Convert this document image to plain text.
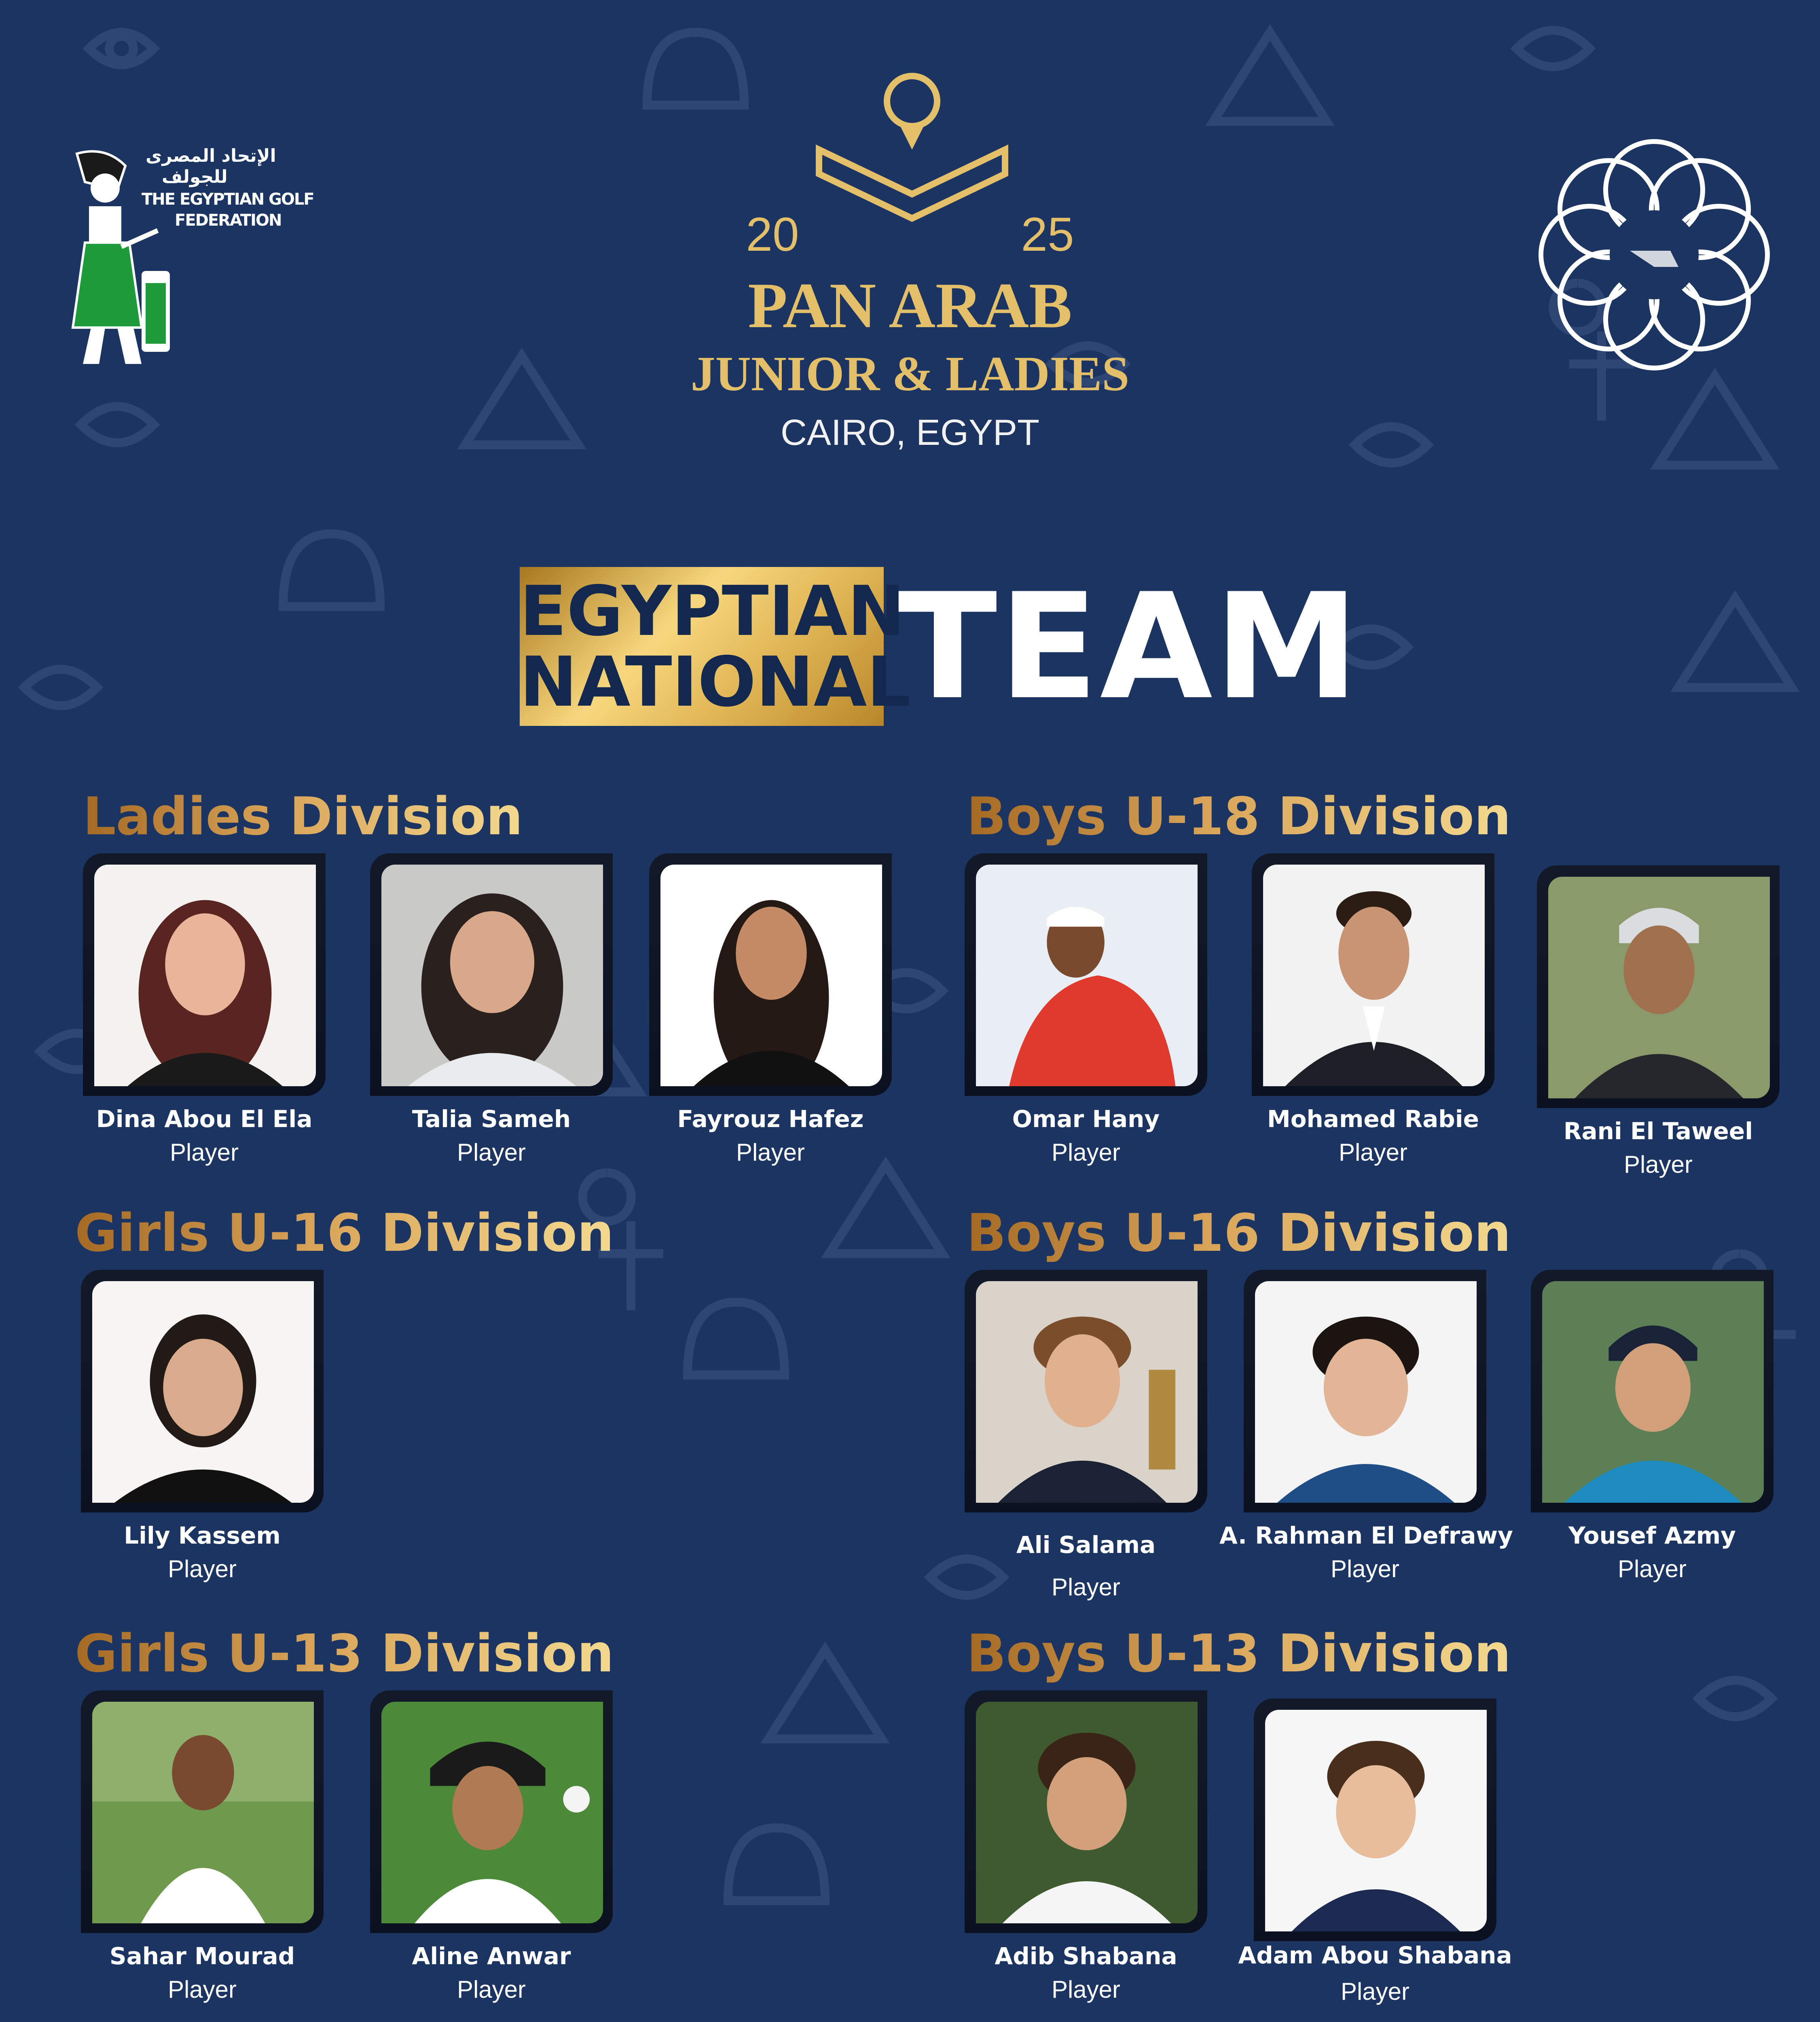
الإتحاد المصرى
للجولف
THE EGYPTIAN GOLF
FEDERATION	20	25
PAN ARAB
JUNIOR & LADIES
CAIRO, EGYPT
EGYPTIAN
NATIONAL
TEAM
Ladies Division	Boys U-18 Division
Girls U-16 Division	Boys U-16 Division
Girls U-13 Division	Boys U-13 Division
Dina Abou El Ela
Player
Talia Sameh
Player
Fayrouz Hafez
Player
Omar Hany
Player
Mohamed Rabie
Player
Rani El Taweel
Player
Lily Kassem
Player
Ali Salama
Player
A. Rahman El Defrawy
Player
Yousef Azmy
Player
Sahar Mourad
Player
Aline Anwar
Player
Adib Shabana
Player
Adam Abou Shabana
Player
